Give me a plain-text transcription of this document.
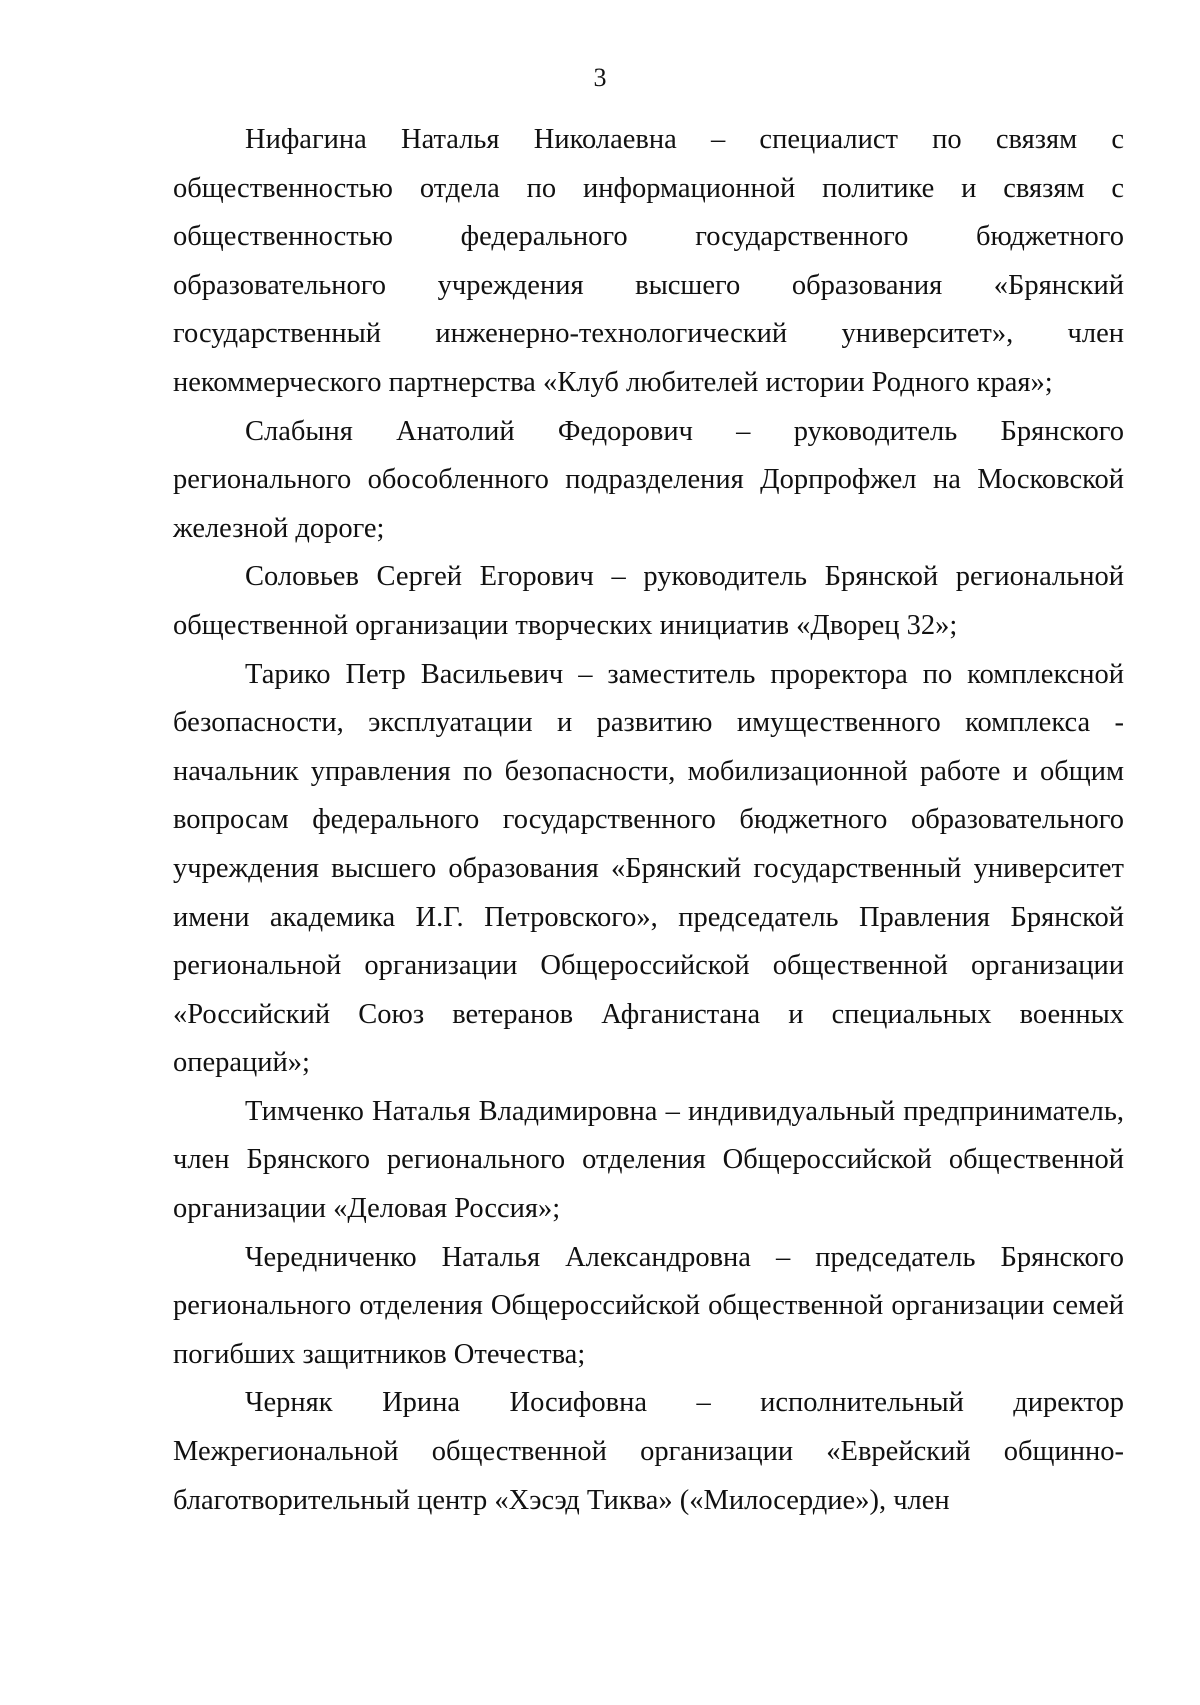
3

Нифагина Наталья Николаевна – специалист по связям с общественностью отдела по информационной политике и связям с общественностью федерального государственного бюджетного образовательного учреждения высшего образования «Брянский государственный инженерно-технологический университет», член некоммерческого партнерства «Клуб любителей истории Родного края»;

Слабыня Анатолий Федорович – руководитель Брянского регионального обособленного подразделения Дорпрофжел на Московской железной дороге;

Соловьев Сергей Егорович – руководитель Брянской региональной общественной организации творческих инициатив «Дворец 32»;

Тарико Петр Васильевич – заместитель проректора по комплексной безопасности, эксплуатации и развитию имущественного комплекса - начальник управления по безопасности, мобилизационной работе и общим вопросам федерального государственного бюджетного образовательного учреждения высшего образования «Брянский государственный университет имени академика И.Г. Петровского», председатель Правления Брянской региональной организации Общероссийской общественной организации «Российский Союз ветеранов Афганистана и специальных военных операций»;

Тимченко Наталья Владимировна – индивидуальный предприниматель, член Брянского регионального отделения Общероссийской общественной организации «Деловая Россия»;

Чередниченко Наталья Александровна – председатель Брянского регионального отделения Общероссийской общественной организации семей погибших защитников Отечества;

Черняк Ирина Иосифовна – исполнительный директор Межрегиональной общественной организации «Еврейский общинно-благотворительный центр «Хэсэд Тиква» («Милосердие»), член
